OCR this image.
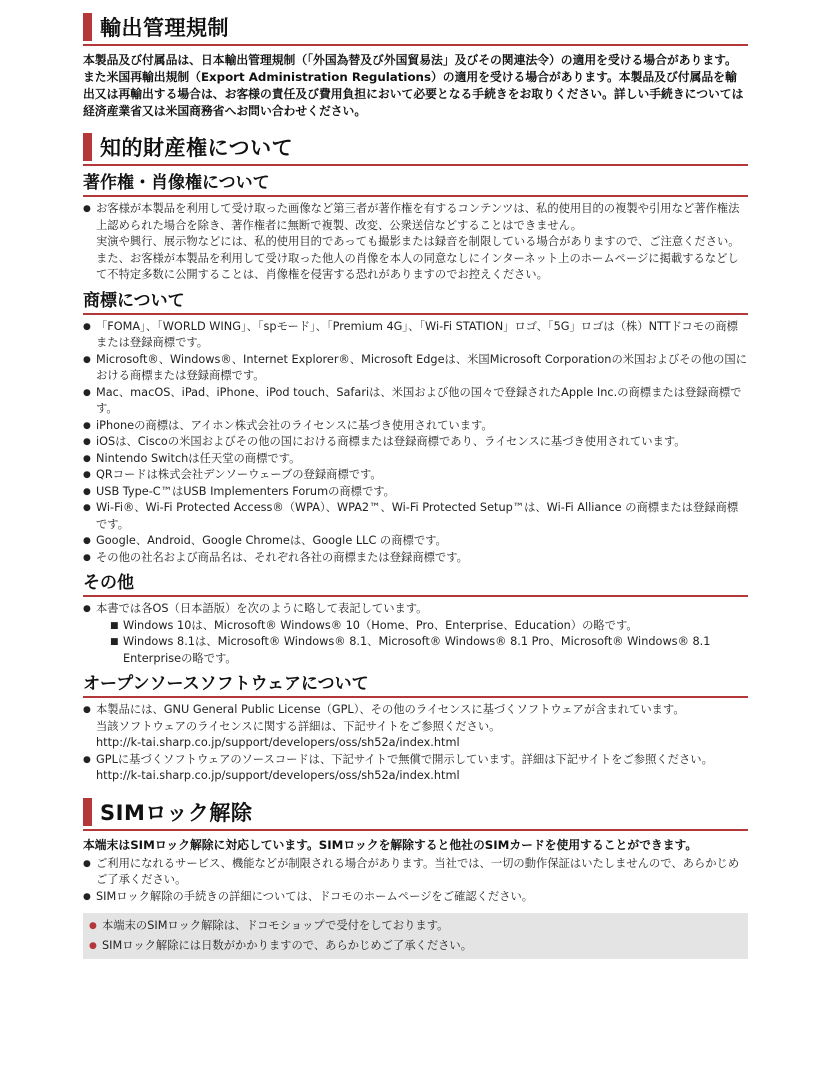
輸出管理規制

本製品及び付属品は、日本輸出管理規制（「外国為替及び外国貿易法」及びその関連法令）の適用を受ける場合があります。また米国再輸出規制（Export Administration Regulations）の適用を受ける場合があります。本製品及び付属品を輸出又は再輸出する場合は、お客様の責任及び費用負担において必要となる手続きをお取りください。詳しい手続きについては経済産業省又は米国商務省へお問い合わせください。

知的財産権について
著作権・肖像権について
● お客様が本製品を利用して受け取った画像など第三者が著作権を有するコンテンツは、私的使用目的の複製や引用など著作権法上認められた場合を除き、著作権者に無断で複製、改変、公衆送信などすることはできません。
実演や興行、展示物などには、私的使用目的であっても撮影または録音を制限している場合がありますので、ご注意ください。また、お客様が本製品を利用して受け取った他人の肖像を本人の同意なしにインターネット上のホームページに掲載するなどして不特定多数に公開することは、肖像権を侵害する恐れがありますのでお控えください。
商標について
● 「FOMA」、「WORLD WING」、「spモード」、「Premium 4G」、「Wi-Fi STATION」ロゴ、「5G」ロゴは（株）NTTドコモの商標または登録商標です。
● Microsoft®、Windows®、Internet Explorer®、Microsoft Edgeは、米国Microsoft Corporationの米国およびその他の国における商標または登録商標です。
● Mac、macOS、iPad、iPhone、iPod touch、Safariは、米国および他の国々で登録されたApple Inc.の商標または登録商標です。
● iPhoneの商標は、アイホン株式会社のライセンスに基づき使用されています。
● iOSは、Ciscoの米国およびその他の国における商標または登録商標であり、ライセンスに基づき使用されています。
● Nintendo Switchは任天堂の商標です。
● QRコードは株式会社デンソーウェーブの登録商標です。
● USB Type-C™はUSB Implementers Forumの商標です。
● Wi-Fi®、Wi-Fi Protected Access®（WPA）、WPA2™、Wi-Fi Protected Setup™は、Wi-Fi Alliance の商標または登録商標です。
● Google、Android、Google Chromeは、Google LLC の商標です。
● その他の社名および商品名は、それぞれ各社の商標または登録商標です。
その他
● 本書では各OS（日本語版）を次のように略して表記しています。
■ Windows 10は、Microsoft® Windows® 10（Home、Pro、Enterprise、Education）の略です。
■ Windows 8.1は、Microsoft® Windows® 8.1、Microsoft® Windows® 8.1 Pro、Microsoft® Windows® 8.1 Enterpriseの略です。
オープンソースソフトウェアについて
● 本製品には、GNU General Public License（GPL）、その他のライセンスに基づくソフトウェアが含まれています。
当該ソフトウェアのライセンスに関する詳細は、下記サイトをご参照ください。
http://k-tai.sharp.co.jp/support/developers/oss/sh52a/index.html
● GPLに基づくソフトウェアのソースコードは、下記サイトで無償で開示しています。詳細は下記サイトをご参照ください。
http://k-tai.sharp.co.jp/support/developers/oss/sh52a/index.html
SIMロック解除

本端末はSIMロック解除に対応しています。SIMロックを解除すると他社のSIMカードを使用することができます。

● ご利用になれるサービス、機能などが制限される場合があります。当社では、一切の動作保証はいたしませんので、あらかじめご了承ください。
● SIMロック解除の手続きの詳細については、ドコモのホームページをご確認ください。
● 本端末のSIMロック解除は、ドコモショップで受付をしております。
● SIMロック解除には日数がかかりますので、あらかじめご了承ください。
